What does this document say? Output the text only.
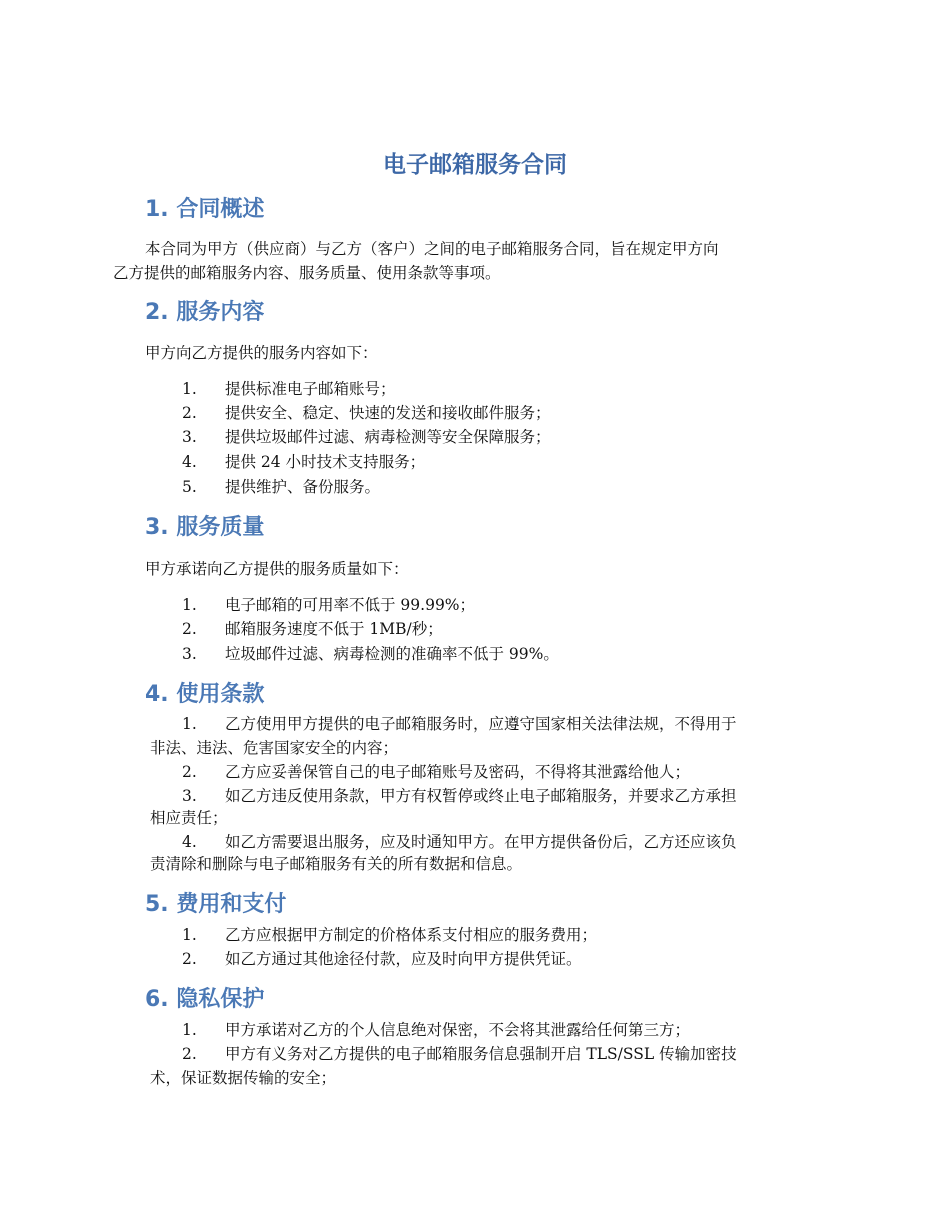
电子邮箱服务合同
1. 合同概述
本合同为甲方（供应商）与乙方（客户）之间的电子邮箱服务合同，旨在规定甲方向
乙方提供的邮箱服务内容、服务质量、使用条款等事项。
2. 服务内容
甲方向乙方提供的服务内容如下：
1. 提供标准电子邮箱账号；
2. 提供安全、稳定、快速的发送和接收邮件服务；
3. 提供垃圾邮件过滤、病毒检测等安全保障服务；
4. 提供 24 小时技术支持服务；
5. 提供维护、备份服务。
3. 服务质量
甲方承诺向乙方提供的服务质量如下：
1. 电子邮箱的可用率不低于 99.99%；
2. 邮箱服务速度不低于 1MB/秒；
3. 垃圾邮件过滤、病毒检测的准确率不低于 99%。
4. 使用条款
1. 乙方使用甲方提供的电子邮箱服务时，应遵守国家相关法律法规，不得用于
非法、违法、危害国家安全的内容；
2. 乙方应妥善保管自己的电子邮箱账号及密码，不得将其泄露给他人；
3. 如乙方违反使用条款，甲方有权暂停或终止电子邮箱服务，并要求乙方承担
相应责任；
4. 如乙方需要退出服务，应及时通知甲方。在甲方提供备份后，乙方还应该负
责清除和删除与电子邮箱服务有关的所有数据和信息。
5. 费用和支付
1. 乙方应根据甲方制定的价格体系支付相应的服务费用；
2. 如乙方通过其他途径付款，应及时向甲方提供凭证。
6. 隐私保护
1. 甲方承诺对乙方的个人信息绝对保密，不会将其泄露给任何第三方；
2. 甲方有义务对乙方提供的电子邮箱服务信息强制开启 TLS/SSL 传输加密技
术，保证数据传输的安全；
